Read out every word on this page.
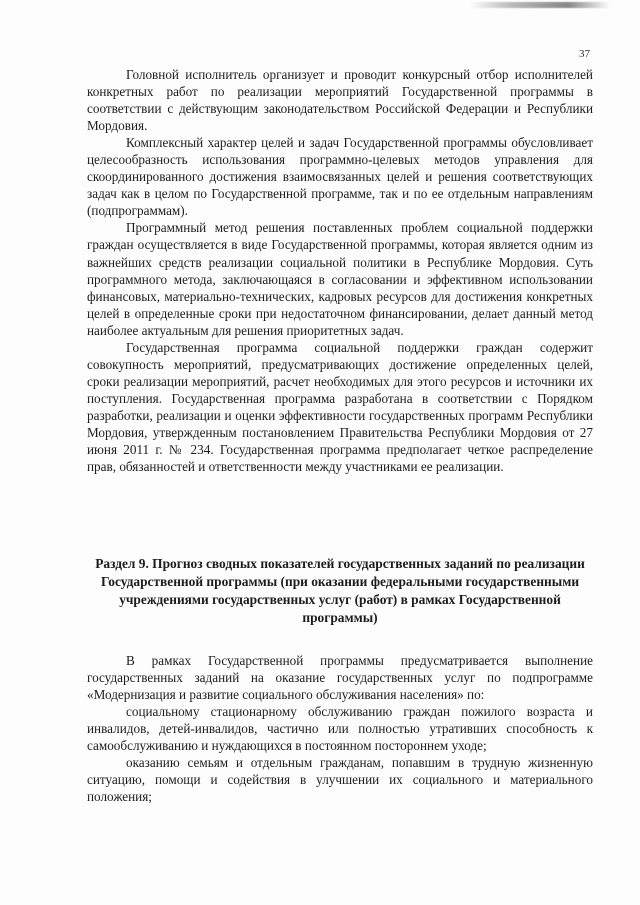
37

Головной исполнитель организует и проводит конкурсный отбор исполнителей конкретных работ по реализации мероприятий Государственной программы в соответствии с действующим законодательством Российской Федерации и Республики Мордовия.

Комплексный характер целей и задач Государственной программы обусловливает целесообразность использования программно-целевых методов управления для скоординированного достижения взаимосвязанных целей и решения соответствующих задач как в целом по Государственной программе, так и по ее отдельным направлениям (подпрограммам).

Программный метод решения поставленных проблем социальной поддержки граждан осуществляется в виде Государственной программы, которая является одним из важнейших средств реализации социальной политики в Республике Мордовия. Суть программного метода, заключающаяся в согласовании и эффективном использовании финансовых, материально-технических, кадровых ресурсов для достижения конкретных целей в определенные сроки при недостаточном финансировании, делает данный метод наиболее актуальным для решения приоритетных задач.

Государственная программа социальной поддержки граждан содержит совокупность мероприятий, предусматривающих достижение определенных целей, сроки реализации мероприятий, расчет необходимых для этого ресурсов и источники их поступления. Государственная программа разработана в соответствии с Порядком разработки, реализации и оценки эффективности государственных программ Республики Мордовия, утвержденным постановлением Правительства Республики Мордовия от 27 июня 2011 г. № 234. Государственная программа предполагает четкое распределение прав, обязанностей и ответственности между участниками ее реализации.

Раздел 9. Прогноз сводных показателей государственных заданий по реализации Государственной программы (при оказании федеральными государственными учреждениями государственных услуг (работ) в рамках Государственной программы)

В рамках Государственной программы предусматривается выполнение государственных заданий на оказание государственных услуг по подпрограмме «Модернизация и развитие социального обслуживания населения» по:

социальному стационарному обслуживанию граждан пожилого возраста и инвалидов, детей-инвалидов, частично или полностью утративших способность к самообслуживанию и нуждающихся в постоянном постороннем уходе;

оказанию семьям и отдельным гражданам, попавшим в трудную жизненную ситуацию, помощи и содействия в улучшении их социального и материального положения;
